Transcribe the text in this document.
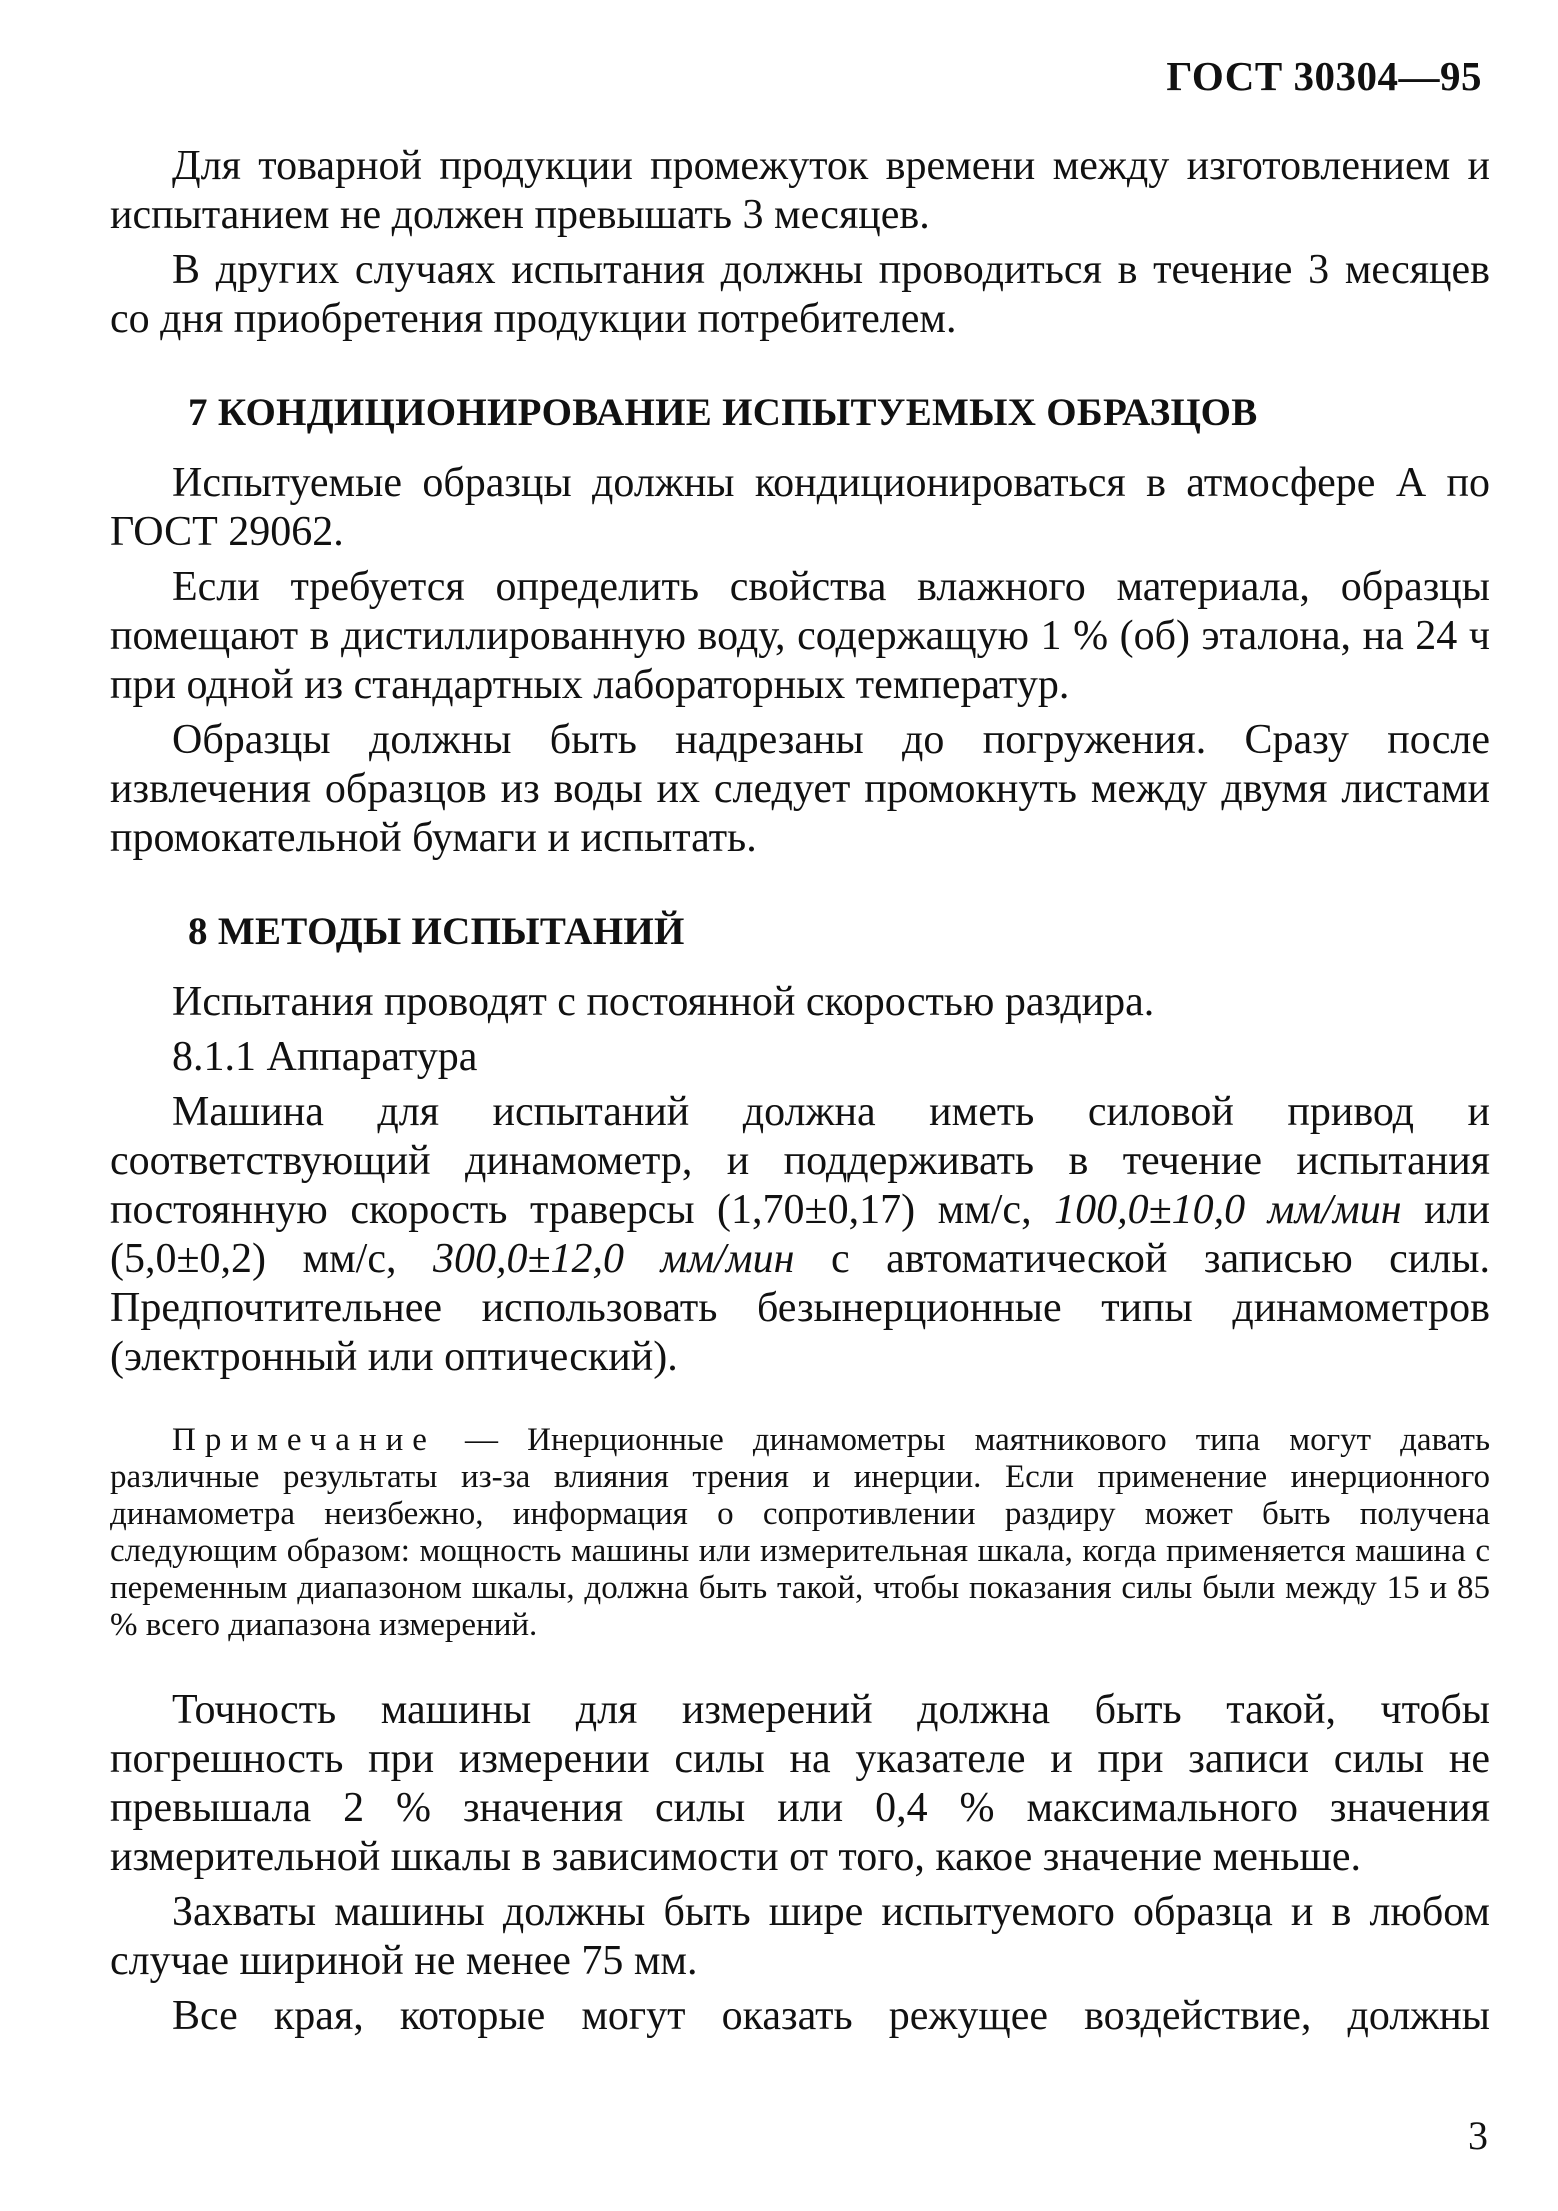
ГОСТ 30304—95

Для товарной продукции промежуток времени между изготовлением и испытанием не должен превышать 3 месяцев.

В других случаях испытания должны проводиться в течение 3 месяцев со дня приобретения продукции потребителем.

7 КОНДИЦИОНИРОВАНИЕ ИСПЫТУЕМЫХ ОБРАЗЦОВ

Испытуемые образцы должны кондиционироваться в атмосфере А по ГОСТ 29062.

Если требуется определить свойства влажного материала, образцы помещают в дистиллированную воду, содержащую 1 % (об) эталона, на 24 ч при одной из стандартных лабораторных температур.

Образцы должны быть надрезаны до погружения. Сразу после извлечения образцов из воды их следует промокнуть между двумя листами промокательной бумаги и испытать.

8 МЕТОДЫ ИСПЫТАНИЙ

Испытания проводят с постоянной скоростью раздира.

8.1.1 Аппаратура

Машина для испытаний должна иметь силовой привод и соответствующий динамометр, и поддерживать в течение испытания постоянную скорость траверсы (1,70±0,17) мм/с, 100,0±10,0 мм/мин или (5,0±0,2) мм/с, 300,0±12,0 мм/мин с автоматической записью силы. Предпочтительнее использовать безынерционные типы динамометров (электронный или оптический).

Примечание — Инерционные динамометры маятникового типа могут давать различные результаты из-за влияния трения и инерции. Если применение инерционного динамометра неизбежно, информация о сопротивлении раздиру может быть получена следующим образом: мощность машины или измерительная шкала, когда применяется машина с переменным диапазоном шкалы, должна быть такой, чтобы показания силы были между 15 и 85 % всего диапазона измерений.

Точность машины для измерений должна быть такой, чтобы погрешность при измерении силы на указателе и при записи силы не превышала 2 % значения силы или 0,4 % максимального значения измерительной шкалы в зависимости от того, какое значение меньше.

Захваты машины должны быть шире испытуемого образца и в любом случае шириной не менее 75 мм.

Все края, которые могут оказать режущее воздействие, должны

3
